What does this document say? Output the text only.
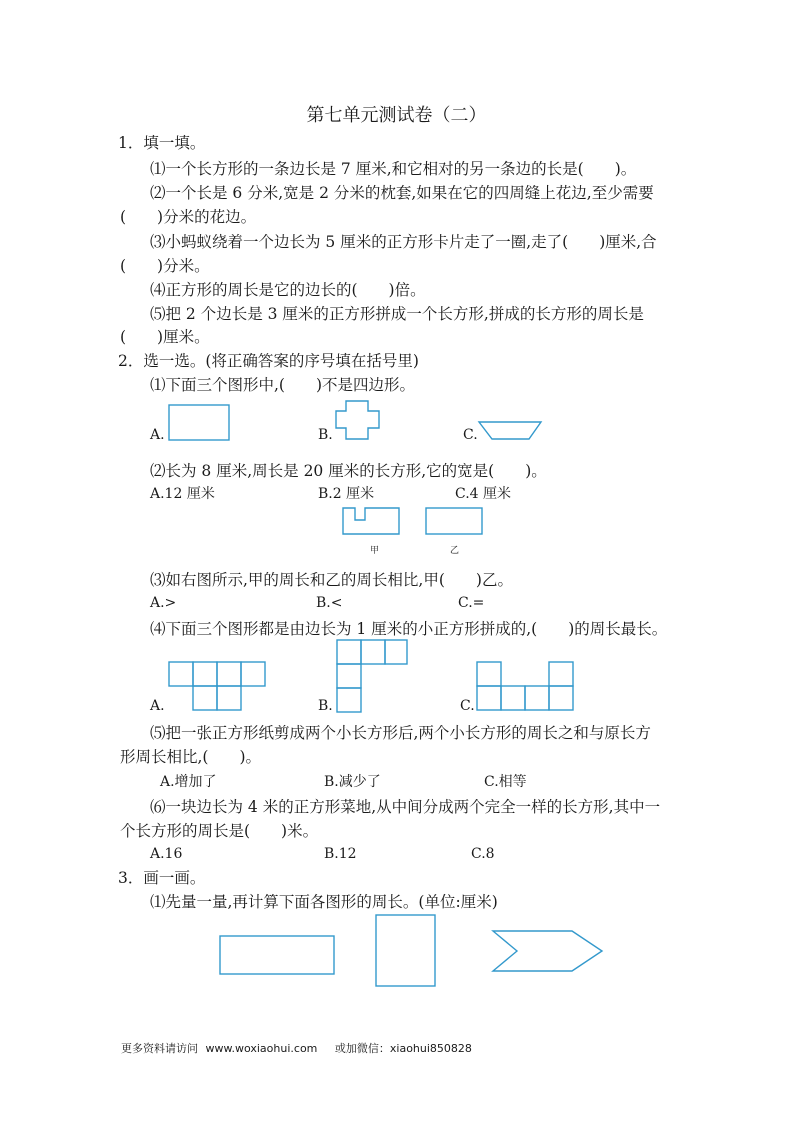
第七单元测试卷（二）
1．填一填。
⑴一个长方形的一条边长是 7 厘米,和它相对的另一条边的长是(　　)。
⑵一个长是 6 分米,宽是 2 分米的枕套,如果在它的四周缝上花边,至少需要
(　　)分米的花边。
⑶小蚂蚁绕着一个边长为 5 厘米的正方形卡片走了一圈,走了(　　)厘米,合
(　　)分米。
⑷正方形的周长是它的边长的(　　)倍。
⑸把 2 个边长是 3 厘米的正方形拼成一个长方形,拼成的长方形的周长是
(　　)厘米。
2．选一选。(将正确答案的序号填在括号里)
⑴下面三个图形中,(　　)不是四边形。
A.	B.	C.
⑵长为 8 厘米,周长是 20 厘米的长方形,它的宽是(　　)。
A.12 厘米	B.2 厘米	C.4 厘米
甲	乙
⑶如右图所示,甲的周长和乙的周长相比,甲(　　)乙。
A.>	B.<	C.=
⑷下面三个图形都是由边长为 1 厘米的小正方形拼成的,(　　)的周长最长。
A.	B.	C.
⑸把一张正方形纸剪成两个小长方形后,两个小长方形的周长之和与原长方
形周长相比,(　　)。
A.增加了	B.减少了	C.相等
⑹一块边长为 4 米的正方形菜地,从中间分成两个完全一样的长方形,其中一
个长方形的周长是(　　)米。
A.16	B.12	C.8
3．画一画。
⑴先量一量,再计算下面各图形的周长。(单位:厘米)
更多资料请访问 www.woxiaohui.com 或加微信：xiaohui850828
